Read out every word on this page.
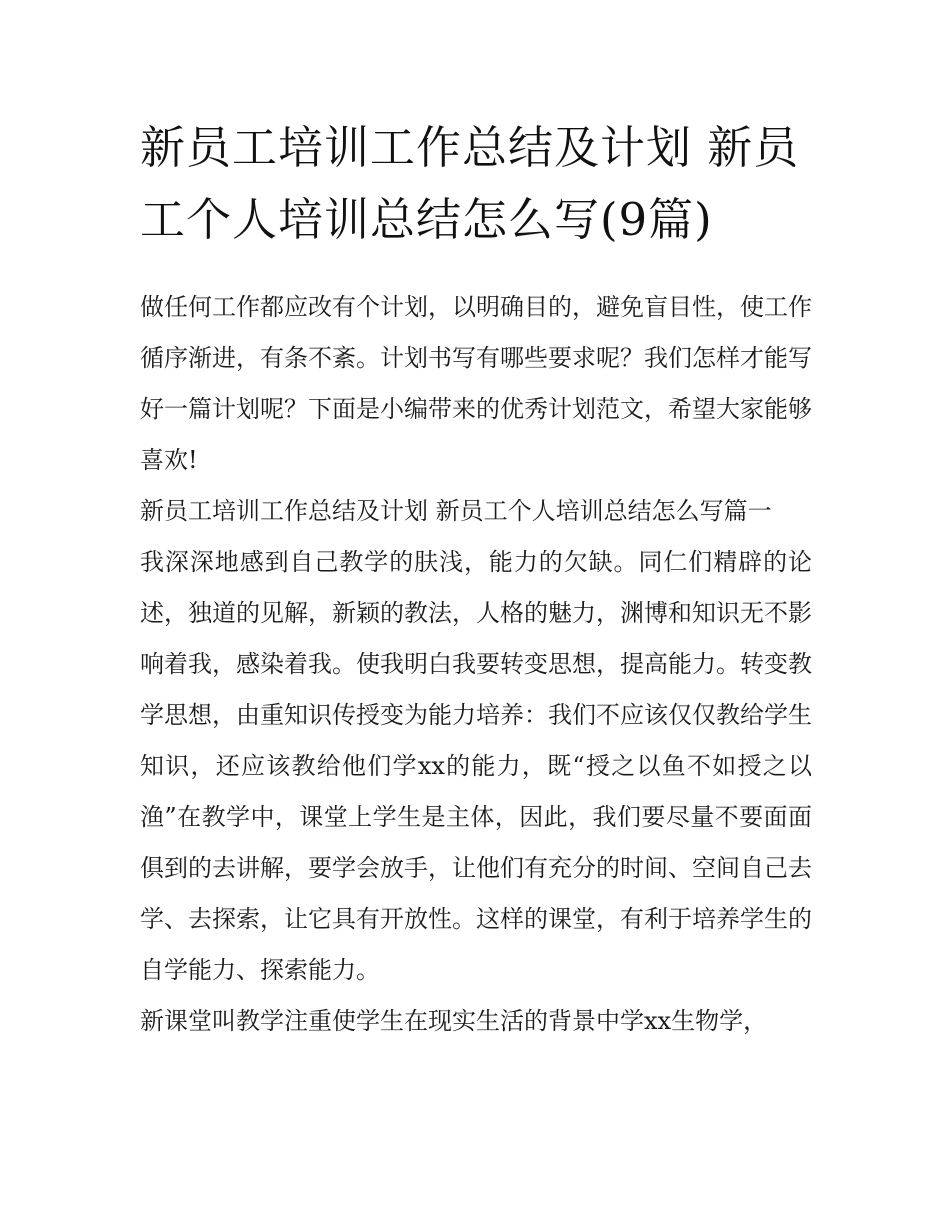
新员工培训工作总结及计划 新员工个人培训总结怎么写(9篇)

做任何工作都应改有个计划，以明确目的，避免盲目性，使工作循序渐进，有条不紊。计划书写有哪些要求呢？我们怎样才能写好一篇计划呢？下面是小编带来的优秀计划范文，希望大家能够喜欢!

新员工培训工作总结及计划 新员工个人培训总结怎么写篇一

我深深地感到自己教学的肤浅，能力的欠缺。同仁们精辟的论述，独道的见解，新颖的教法，人格的魅力，渊博和知识无不影响着我，感染着我。使我明白我要转变思想，提高能力。转变教学思想，由重知识传授变为能力培养：我们不应该仅仅教给学生知识，还应该教给他们学xx的能力，既“授之以鱼不如授之以渔”在教学中，课堂上学生是主体，因此，我们要尽量不要面面俱到的去讲解，要学会放手，让他们有充分的时间、空间自己去学、去探索，让它具有开放性。这样的课堂，有利于培养学生的自学能力、探索能力。

新课堂叫教学注重使学生在现实生活的背景中学xx生物学，
